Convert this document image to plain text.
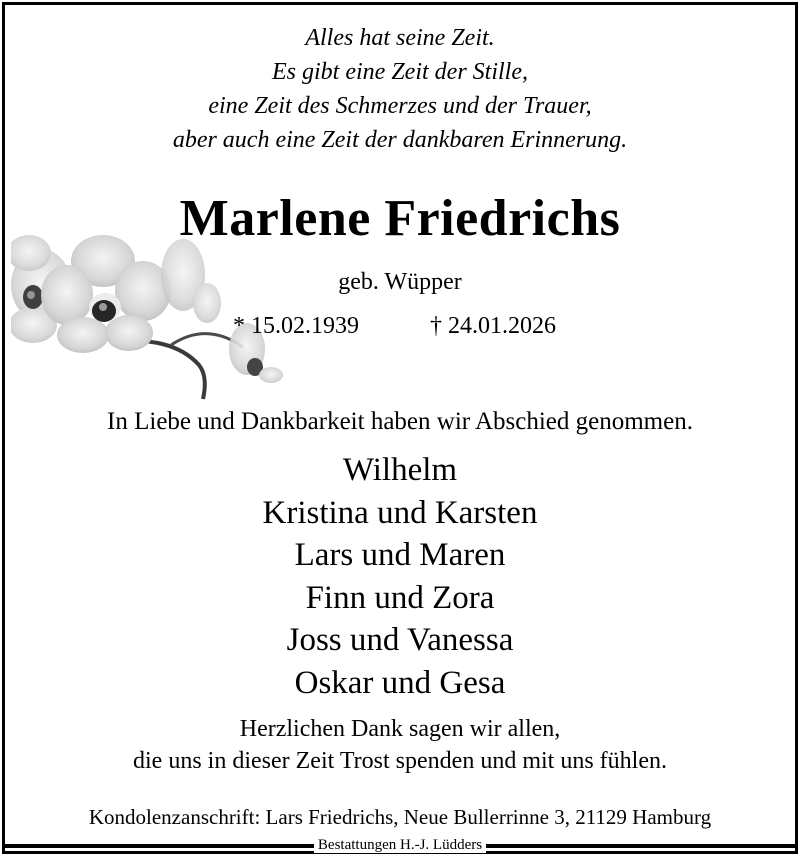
Alles hat seine Zeit.
Es gibt eine Zeit der Stille,
eine Zeit des Schmerzes und der Trauer,
aber auch eine Zeit der dankbaren Erinnerung.
Marlene Friedrichs
geb. Wüpper
* 15.02.1939	† 24.01.2026
In Liebe und Dankbarkeit haben wir Abschied genommen.
Wilhelm
Kristina und Karsten
Lars und Maren
Finn und Zora
Joss und Vanessa
Oskar und Gesa
Herzlichen Dank sagen wir allen,
die uns in dieser Zeit Trost spenden und mit uns fühlen.
Kondolenzanschrift: Lars Friedrichs, Neue Bullerrinne 3, 21129 Hamburg
Bestattungen H.-J. Lüdders
